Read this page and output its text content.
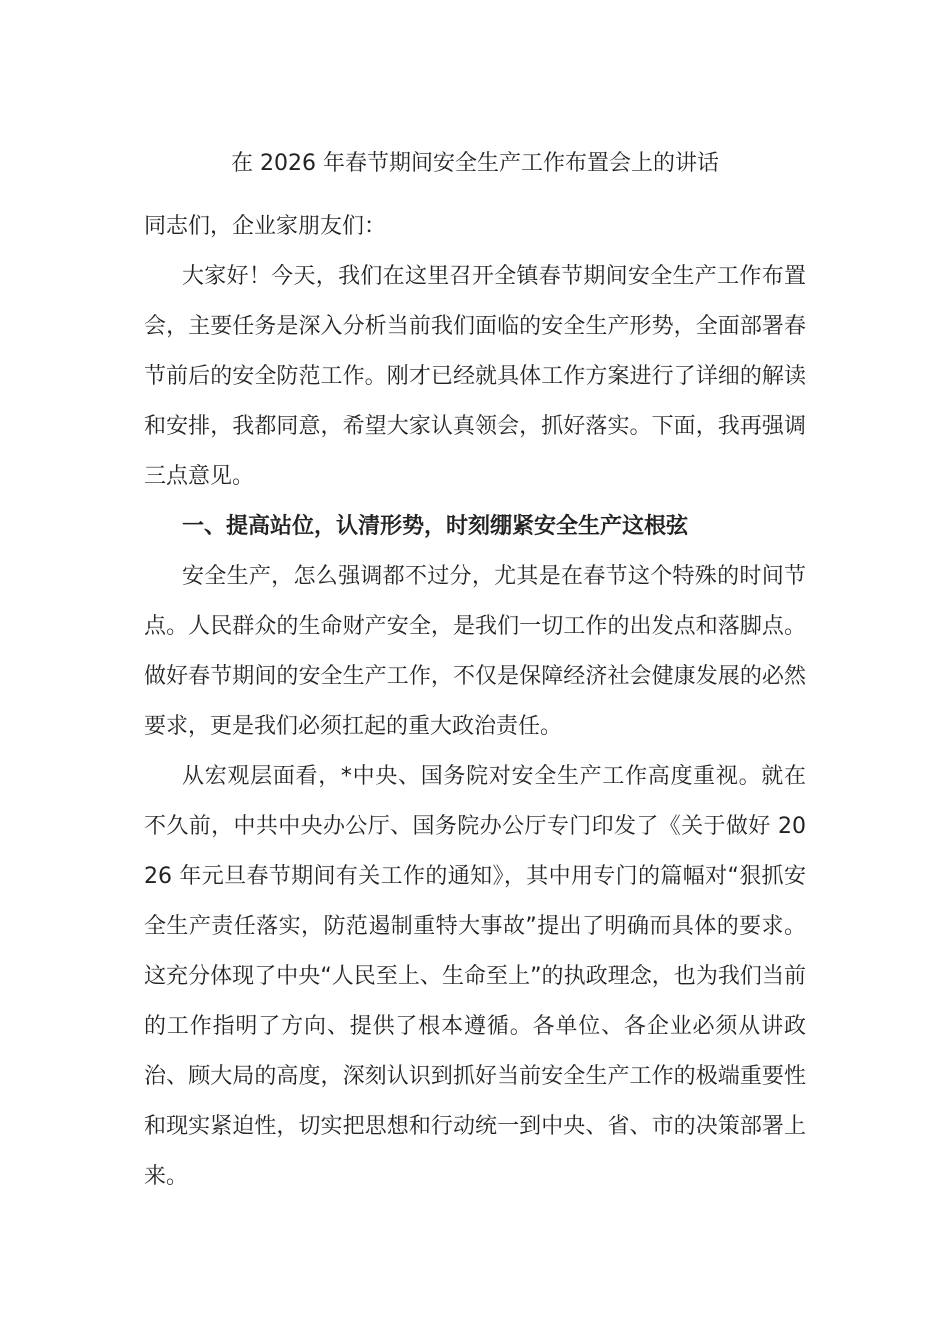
在 2026 年春节期间安全生产工作布置会上的讲话

同志们，企业家朋友们：

大家好！今天，我们在这里召开全镇春节期间安全生产工作布置会，主要任务是深入分析当前我们面临的安全生产形势，全面部署春节前后的安全防范工作。刚才已经就具体工作方案进行了详细的解读和安排，我都同意，希望大家认真领会，抓好落实。下面，我再强调三点意见。

一、提高站位，认清形势，时刻绷紧安全生产这根弦

安全生产，怎么强调都不过分，尤其是在春节这个特殊的时间节点。人民群众的生命财产安全，是我们一切工作的出发点和落脚点。做好春节期间的安全生产工作，不仅是保障经济社会健康发展的必然要求，更是我们必须扛起的重大政治责任。

从宏观层面看，*中央、国务院对安全生产工作高度重视。就在不久前，中共中央办公厅、国务院办公厅专门印发了《关于做好 2026 年元旦春节期间有关工作的通知》，其中用专门的篇幅对“狠抓安全生产责任落实，防范遏制重特大事故”提出了明确而具体的要求。这充分体现了中央“人民至上、生命至上”的执政理念，也为我们当前的工作指明了方向、提供了根本遵循。各单位、各企业必须从讲政治、顾大局的高度，深刻认识到抓好当前安全生产工作的极端重要性和现实紧迫性，切实把思想和行动统一到中央、省、市的决策部署上来。
